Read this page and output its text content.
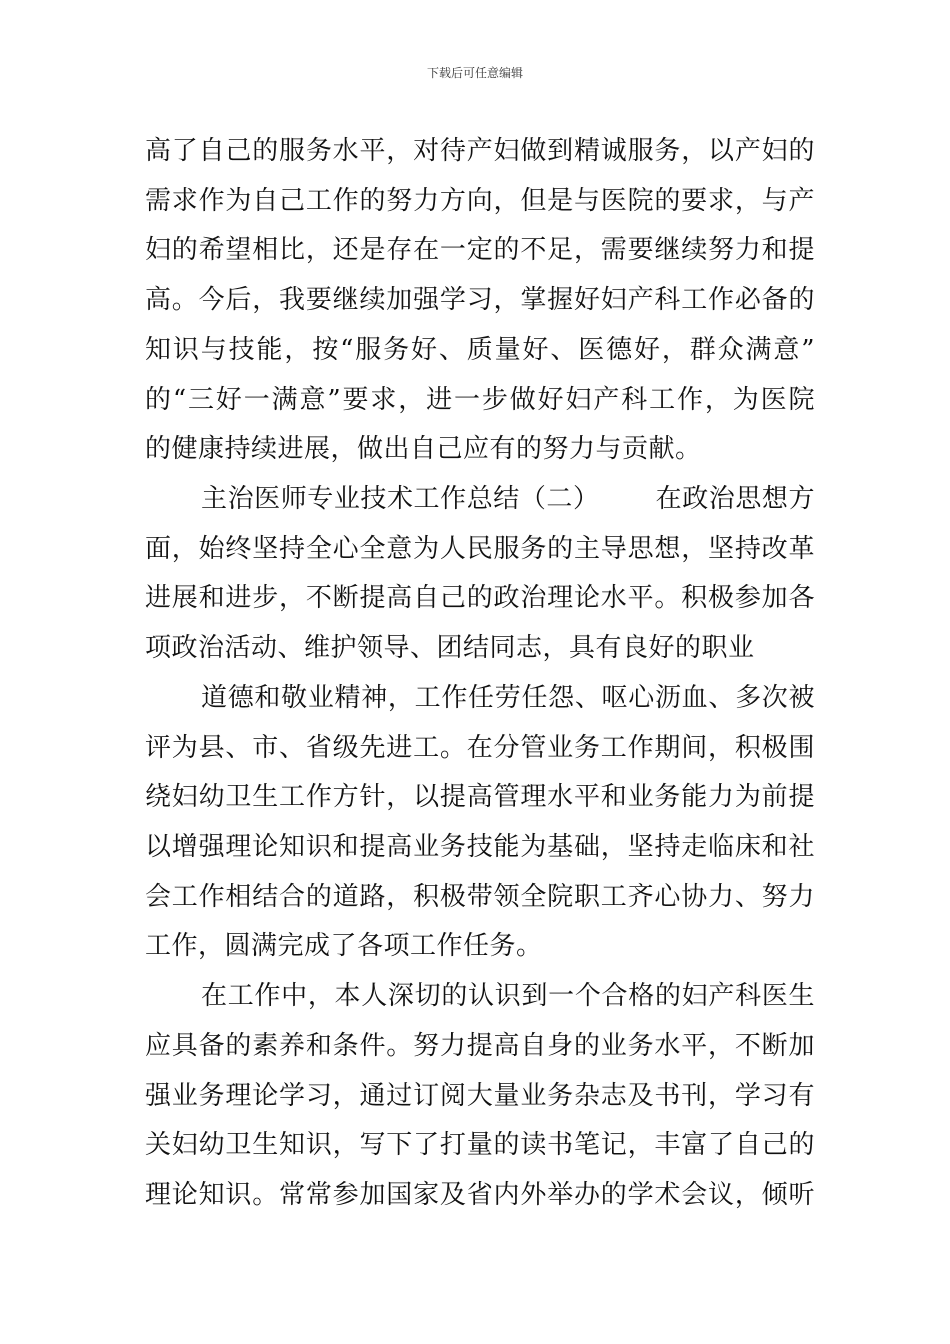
下载后可任意编辑
高了自己的服务水平，对待产妇做到精诚服务，以产妇的
需求作为自己工作的努力方向，但是与医院的要求，与产
妇的希望相比，还是存在一定的不足，需要继续努力和提
高。今后，我要继续加强学习，掌握好妇产科工作必备的
知识与技能，按“服务好、质量好、医德好，群众满意”
的“三好一满意”要求，进一步做好妇产科工作，为医院
的健康持续进展，做出自己应有的努力与贡献。
主治医师专业技术工作总结（二） 在政治思想方
面，始终坚持全心全意为人民服务的主导思想，坚持改革
进展和进步，不断提高自己的政治理论水平。积极参加各
项政治活动、维护领导、团结同志，具有良好的职业
道德和敬业精神，工作任劳任怨、呕心沥血、多次被
评为县、市、省级先进工。在分管业务工作期间，积极围
绕妇幼卫生工作方针，以提高管理水平和业务能力为前提
以增强理论知识和提高业务技能为基础，坚持走临床和社
会工作相结合的道路，积极带领全院职工齐心协力、努力
工作，圆满完成了各项工作任务。
在工作中，本人深切的认识到一个合格的妇产科医生
应具备的素养和条件。努力提高自身的业务水平，不断加
强业务理论学习，通过订阅大量业务杂志及书刊，学习有
关妇幼卫生知识，写下了打量的读书笔记，丰富了自己的
理论知识。常常参加国家及省内外举办的学术会议，倾听
